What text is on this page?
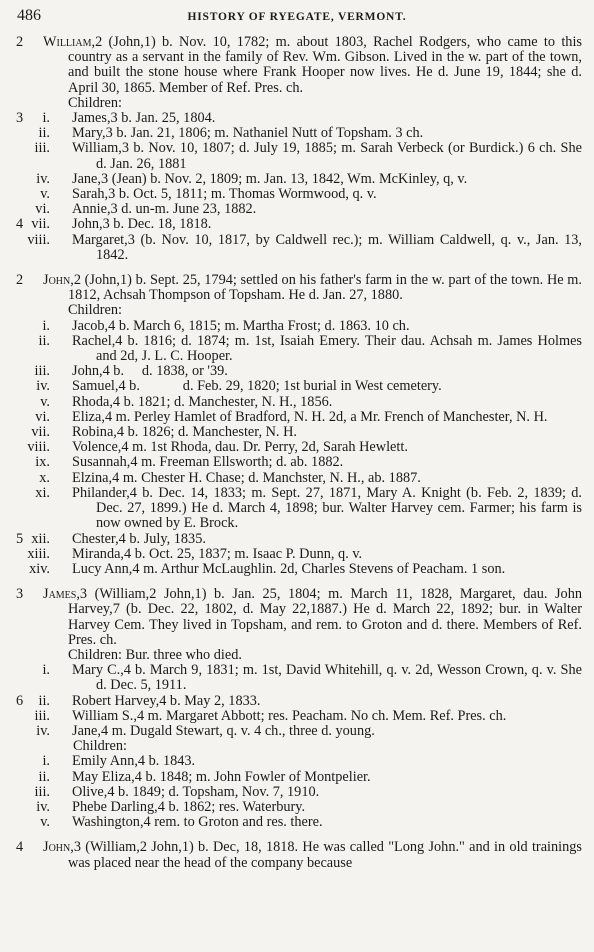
486	HISTORY OF RYEGATE, VERMONT.
2 William,2 (John,1) b. Nov. 10, 1782; m. about 1803, Rachel Rodgers, who came to this country as a servant in the family of Rev. Wm. Gibson. Lived in the w. part of the town, and built the stone house where Frank Hooper now lives. He d. June 19, 1844; she d. April 30, 1865. Member of Ref. Pres. ch.
Children:
3 i. James,3 b. Jan. 25, 1804.
ii. Mary,3 b. Jan. 21, 1806; m. Nathaniel Nutt of Topsham. 3 ch.
iii. William,3 b. Nov. 10, 1807; d. July 19, 1885; m. Sarah Verbeck (or Burdick.) 6 ch. She d. Jan. 26, 1881
iv. Jane,3 (Jean) b. Nov. 2, 1809; m. Jan. 13, 1842, Wm. McKinley, q, v.
v. Sarah,3 b. Oct. 5, 1811; m. Thomas Wormwood, q. v.
vi. Annie,3 d. un-m. June 23, 1882.
4 vii. John,3 b. Dec. 18, 1818.
viii. Margaret,3 (b. Nov. 10, 1817, by Caldwell rec.); m. William Caldwell, q. v., Jan. 13, 1842.
2 John,2 (John,1) b. Sept. 25, 1794; settled on his father's farm in the w. part of the town. He m. 1812, Achsah Thompson of Topsham. He d. Jan. 27, 1880.
Children:
i. Jacob,4 b. March 6, 1815; m. Martha Frost; d. 1863. 10 ch.
ii. Rachel,4 b. 1816; d. 1874; m. 1st, Isaiah Emery. Their dau. Achsah m. James Holmes and 2d, J. L. C. Hooper.
iii. John,4 b.     d. 1838, or '39.
iv. Samuel,4 b.            d. Feb. 29, 1820; 1st burial in West cemetery.
v. Rhoda,4 b. 1821; d. Manchester, N. H., 1856.
vi. Eliza,4 m. Perley Hamlet of Bradford, N. H. 2d, a Mr. French of Manchester, N. H.
vii. Robina,4 b. 1826; d. Manchester, N. H.
viii. Volence,4 m. 1st Rhoda, dau. Dr. Perry, 2d, Sarah Hewlett.
ix. Susannah,4 m. Freeman Ellsworth; d. ab. 1882.
x. Elzina,4 m. Chester H. Chase; d. Manchster, N. H., ab. 1887.
xi. Philander,4 b. Dec. 14, 1833; m. Sept. 27, 1871, Mary A. Knight (b. Feb. 2, 1839; d. Dec. 27, 1899.) He d. March 4, 1898; bur. Walter Harvey cem. Farmer; his farm is now owned by E. Brock.
5 xii. Chester,4 b. July, 1835.
xiii. Miranda,4 b. Oct. 25, 1837; m. Isaac P. Dunn, q. v.
xiv. Lucy Ann,4 m. Arthur McLaughlin. 2d, Charles Stevens of Peacham. 1 son.
3 James,3 (William,2 John,1) b. Jan. 25, 1804; m. March 11, 1828, Margaret, dau. John Harvey,7 (b. Dec. 22, 1802, d. May 22,1887.) He d. March 22, 1892; bur. in Walter Harvey Cem. They lived in Topsham, and rem. to Groton and d. there. Members of Ref. Pres. ch.
Children: Bur. three who died.
i. Mary C.,4 b. March 9, 1831; m. 1st, David Whitehill, q. v. 2d, Wesson Crown, q. v. She d. Dec. 5, 1911.
6 ii. Robert Harvey,4 b. May 2, 1833.
iii. William S.,4 m. Margaret Abbott; res. Peacham. No ch. Mem. Ref. Pres. ch.
iv. Jane,4 m. Dugald Stewart, q. v. 4 ch., three d. young.
Children:
i. Emily Ann,4 b. 1843.
ii. May Eliza,4 b. 1848; m. John Fowler of Montpelier.
iii. Olive,4 b. 1849; d. Topsham, Nov. 7, 1910.
iv. Phebe Darling,4 b. 1862; res. Waterbury.
v. Washington,4 rem. to Groton and res. there.
4 John,3 (William,2 John,1) b. Dec, 18, 1818. He was called "Long John." and in old trainings was placed near the head of the company because
